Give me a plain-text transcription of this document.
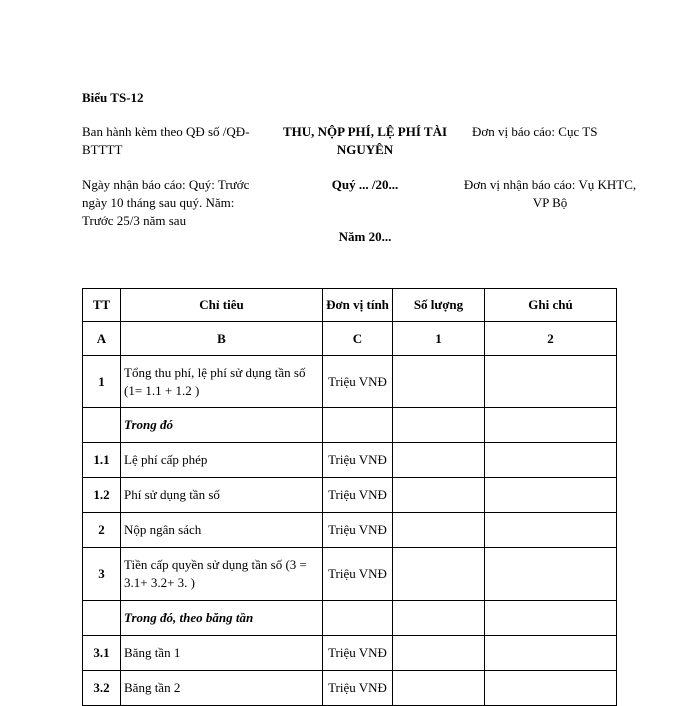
Biểu TS-12
Ban hành kèm theo QĐ số /QĐ-BTTTT
THU, NỘP PHÍ, LỆ PHÍ TÀI NGUYÊN
Đơn vị báo cáo: Cục TS
Ngày nhận báo cáo: Quý: Trước ngày 10 tháng sau quý. Năm: Trước 25/3 năm sau
Quý ... /20...
Năm 20...
Đơn vị nhận báo cáo: Vụ KHTC, VP Bộ
TT	Chỉ tiêu	Đơn vị tính	Số lượng	Ghi chú
A	B	C	1	2
1	Tổng thu phí, lệ phí sử dụng tần số (1= 1.1 + 1.2 )	Triệu VNĐ		
	Trong đó			
1.1	Lệ phí cấp phép	Triệu VNĐ		
1.2	Phí sử dụng tần số	Triệu VNĐ		
2	Nộp ngân sách	Triệu VNĐ		
3	Tiền cấp quyền sử dụng tần số (3 = 3.1+ 3.2+ 3. )	Triệu VNĐ		
	Trong đó, theo băng tần			
3.1	Băng tần 1	Triệu VNĐ		
3.2	Băng tần 2	Triệu VNĐ		
